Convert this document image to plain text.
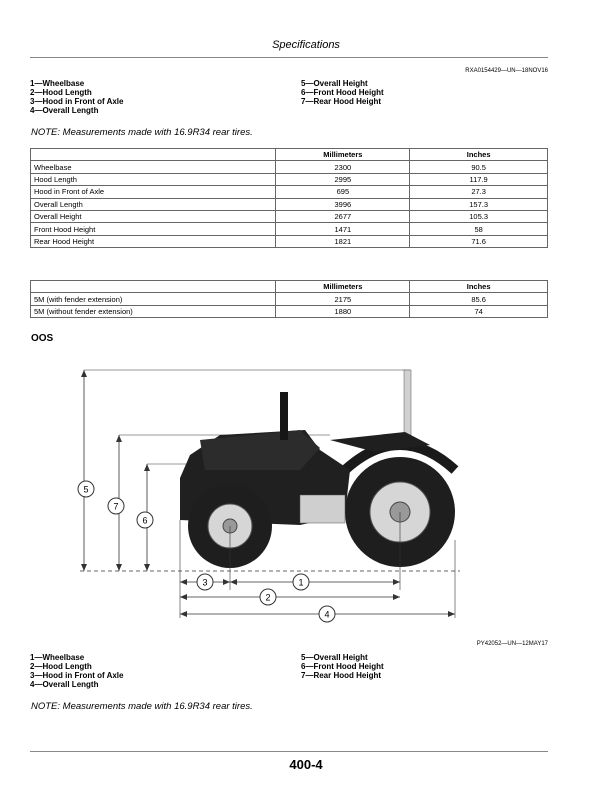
Specifications
RXA0154429—UN—18NOV16
1—Wheelbase
2—Hood Length
3—Hood in Front of Axle
4—Overall Length
5—Overall Height
6—Front Hood Height
7—Rear Hood Height
NOTE: Measurements made with 16.9R34 rear tires.
	Millimeters	Inches
Wheelbase	2300	90.5
Hood Length	2995	117.9
Hood in Front of Axle	695	27.3
Overall Length	3996	157.3
Overall Height	2677	105.3
Front Hood Height	1471	58
Rear Hood Height	1821	71.6
	Millimeters	Inches
5M (with fender extension)	2175	85.6
5M (without fender extension)	1880	74
OOS
5
7
6
3	1
2
4
PY42052—UN—12MAY17
1—Wheelbase
2—Hood Length
3—Hood in Front of Axle
4—Overall Length
5—Overall Height
6—Front Hood Height
7—Rear Hood Height
NOTE: Measurements made with 16.9R34 rear tires.
400-4
